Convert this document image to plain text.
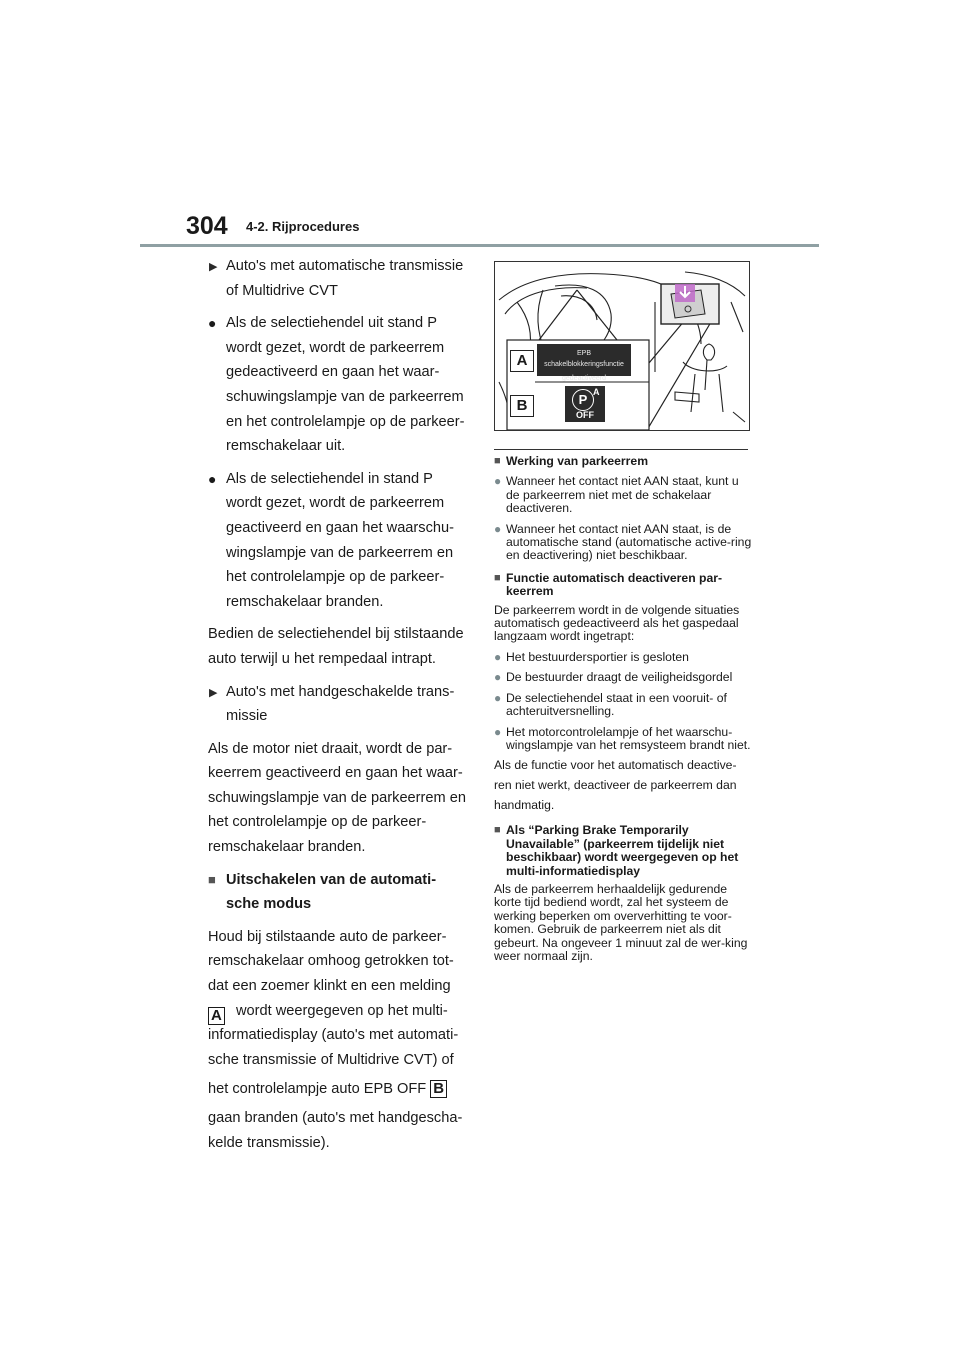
304 4-2. Rijprocedures

▶ Auto's met automatische transmissie of Multidrive CVT

● Als de selectiehendel uit stand P wordt gezet, wordt de parkeerrem gedeactiveerd en gaan het waar-schuwingslampje van de parkeerrem en het controlelampje op de parkeer-remschakelaar uit.

● Als de selectiehendel in stand P wordt gezet, wordt de parkeerrem geactiveerd en gaan het waarschu-wingslampje van de parkeerrem en het controlelampje op de parkeer-remschakelaar branden.

Bedien de selectiehendel bij stilstaande auto terwijl u het rempedaal intrapt.

▶ Auto's met handgeschakelde trans-missie

Als de motor niet draait, wordt de par-keerrem geactiveerd en gaan het waar-schuwingslampje van de parkeerrem en het controlelampje op de parkeer-remschakelaar branden.

■ Uitschakelen van de automati-sche modus

Houd bij stilstaande auto de parkeer-remschakelaar omhoog getrokken tot-dat een zoemer klinkt en een melding

A wordt weergegeven op het multi-informatiedisplay (auto's met automati-sche transmissie of Multidrive CVT) of

het controlelampje auto EPB OFF B

gaan branden (auto's met handgescha-kelde transmissie).

A
B
EPB schakelblokkeringsfunctie
gedeactiveerd
P A
OFF

■ Werking van parkeerrem

● Wanneer het contact niet AAN staat, kunt u de parkeerrem niet met de schakelaar deactiveren.

● Wanneer het contact niet AAN staat, is de automatische stand (automatische active-ring en deactivering) niet beschikbaar.

■ Functie automatisch deactiveren par-keerrem

De parkeerrem wordt in de volgende situaties automatisch gedeactiveerd als het gaspedaal langzaam wordt ingetrapt:

● Het bestuurdersportier is gesloten

● De bestuurder draagt de veiligheidsgordel

● De selectiehendel staat in een vooruit- of achteruitversnelling.

● Het motorcontrolelampje of het waarschu-wingslampje van het remsysteem brandt niet.

Als de functie voor het automatisch deactive-ren niet werkt, deactiveer de parkeerrem dan handmatig.

■ Als “Parking Brake Temporarily Unavailable” (parkeerrem tijdelijk niet beschikbaar) wordt weergegeven op het multi-informatiedisplay

Als de parkeerrem herhaaldelijk gedurende korte tijd bediend wordt, zal het systeem de werking beperken om oververhitting te voor-komen. Gebruik de parkeerrem niet als dit gebeurt. Na ongeveer 1 minuut zal de wer-king weer normaal zijn.
